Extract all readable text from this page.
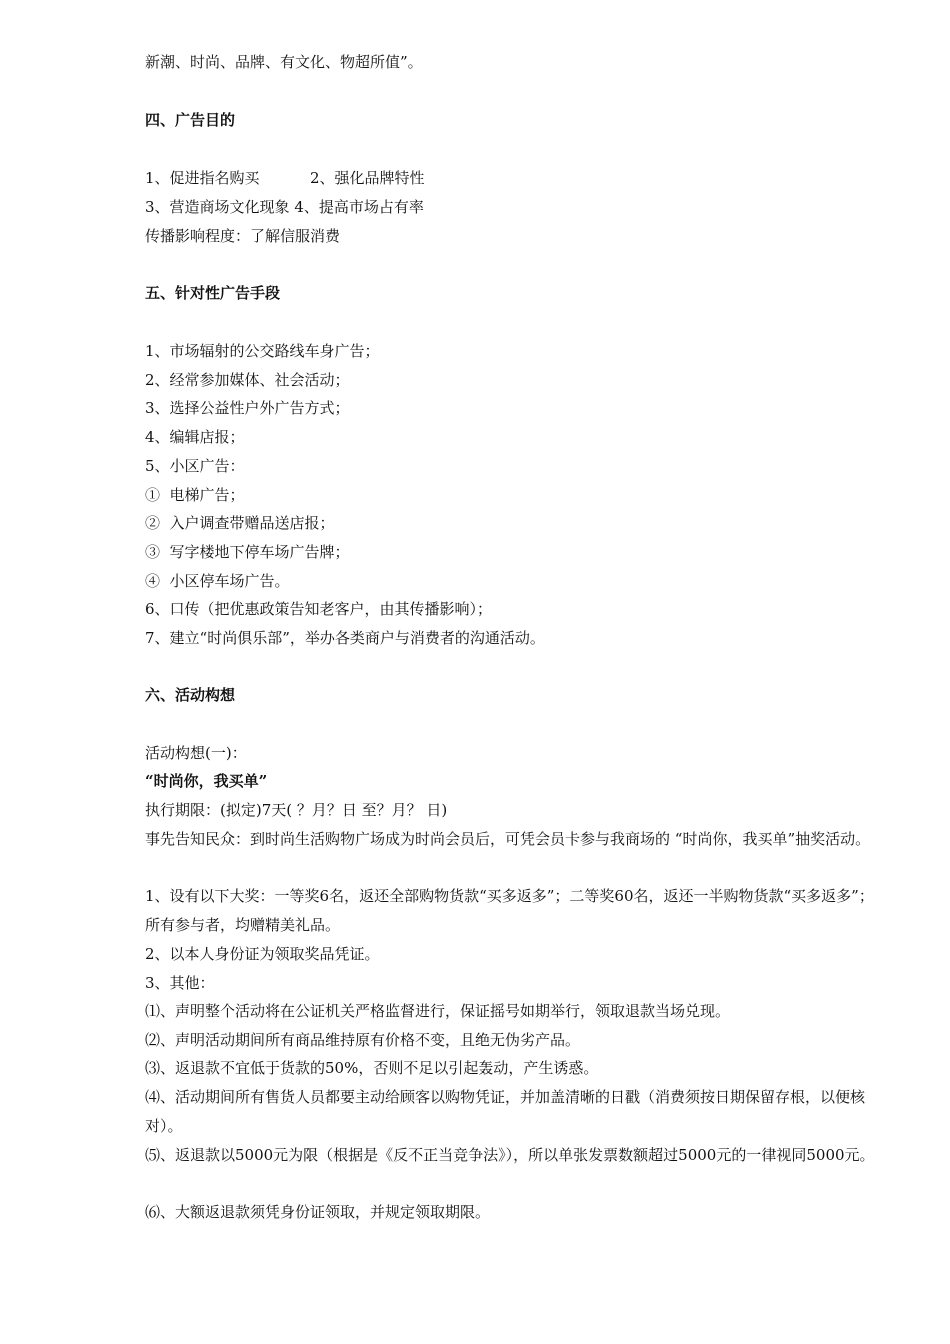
新潮、时尚、品牌、有文化、物超所值”。
四、广告目的
1、促进指名购买	2、强化品牌特性
3、营造商场文化现象 4、提高市场占有率
传播影响程度：了解信服消费
五、针对性广告手段
1、市场辐射的公交路线车身广告；
2、经常参加媒体、社会活动；
3、选择公益性户外广告方式；
4、编辑店报；
5、小区广告：
①  电梯广告；
②  入户调查带赠品送店报；
③  写字楼地下停车场广告牌；
④  小区停车场广告。
6、口传（把优惠政策告知老客户，由其传播影响）；
7、建立“时尚俱乐部”，举办各类商户与消费者的沟通活动。
六、活动构想
活动构想(一)：
“时尚你，我买单”
执行期限：(拟定)7天( ？月？日 至？月？ 日)
事先告知民众：到时尚生活购物广场成为时尚会员后，可凭会员卡参与我商场的 “时尚你，我买单”抽奖活动。
1、设有以下大奖：一等奖6名，返还全部购物货款“买多返多”；二等奖60名，返还一半购物货款“买多返多”；所有参与者，均赠精美礼品。
2、以本人身份证为领取奖品凭证。
3、其他：
⑴、声明整个活动将在公证机关严格监督进行，保证摇号如期举行，领取退款当场兑现。
⑵、声明活动期间所有商品维持原有价格不变，且绝无伪劣产品。
⑶、返退款不宜低于货款的50%，否则不足以引起轰动，产生诱惑。
⑷、活动期间所有售货人员都要主动给顾客以购物凭证，并加盖清晰的日戳（消费须按日期保留存根，以便核对）。
⑸、返退款以5000元为限（根据是《反不正当竞争法》），所以单张发票数额超过5000元的一律视同5000元。
⑹、大额返退款须凭身份证领取，并规定领取期限。
